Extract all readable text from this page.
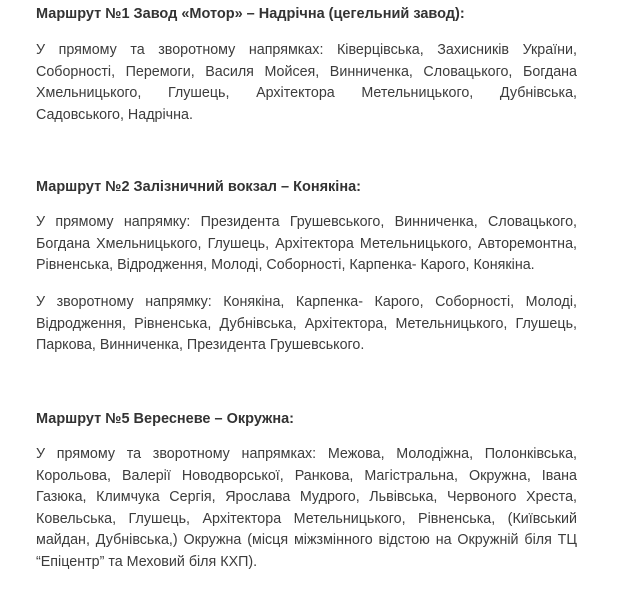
Маршрут №1 Завод «Мотор» – Надрічна (цегельний завод):

У прямому та зворотному напрямках: Ківерцівська, Захисників України,
Соборності, Перемоги, Василя Мойсея, Винниченка, Словацького, Богдана
Хмельницького, Глушець, Архітектора Метельницького, Дубнівська,
Садовського, Надрічна.

Маршрут №2 Залізничний вокзал – Конякіна:

У прямому напрямку: Президента Грушевського, Винниченка, Словацького,
Богдана Хмельницького, Глушець, Архітектора Метельницького, Авторемонтна,
Рівненська, Відродження, Молоді, Соборності, Карпенка- Карого, Конякіна.

У зворотному напрямку: Конякіна, Карпенка- Карого, Соборності, Молоді,
Відродження, Рівненська, Дубнівська, Архітектора, Метельницького, Глушець,
Паркова, Винниченка, Президента Грушевського.

Маршрут №5 Вересневе – Окружна:

У прямому та зворотному напрямках: Межова, Молодіжна, Полонківська,
Корольова, Валерії Новодворської, Ранкова, Магістральна, Окружна, Івана
Газюка, Климчука Сергія, Ярослава Мудрого, Львівська, Червоного Хреста,
Ковельська, Глушець, Архітектора Метельницького, Рівненська, (Київський
майдан, Дубнівська,) Окружна (місця міжзмінного відстою на Окружній біля ТЦ
“Епіцентр” та Меховий біля КХП).
